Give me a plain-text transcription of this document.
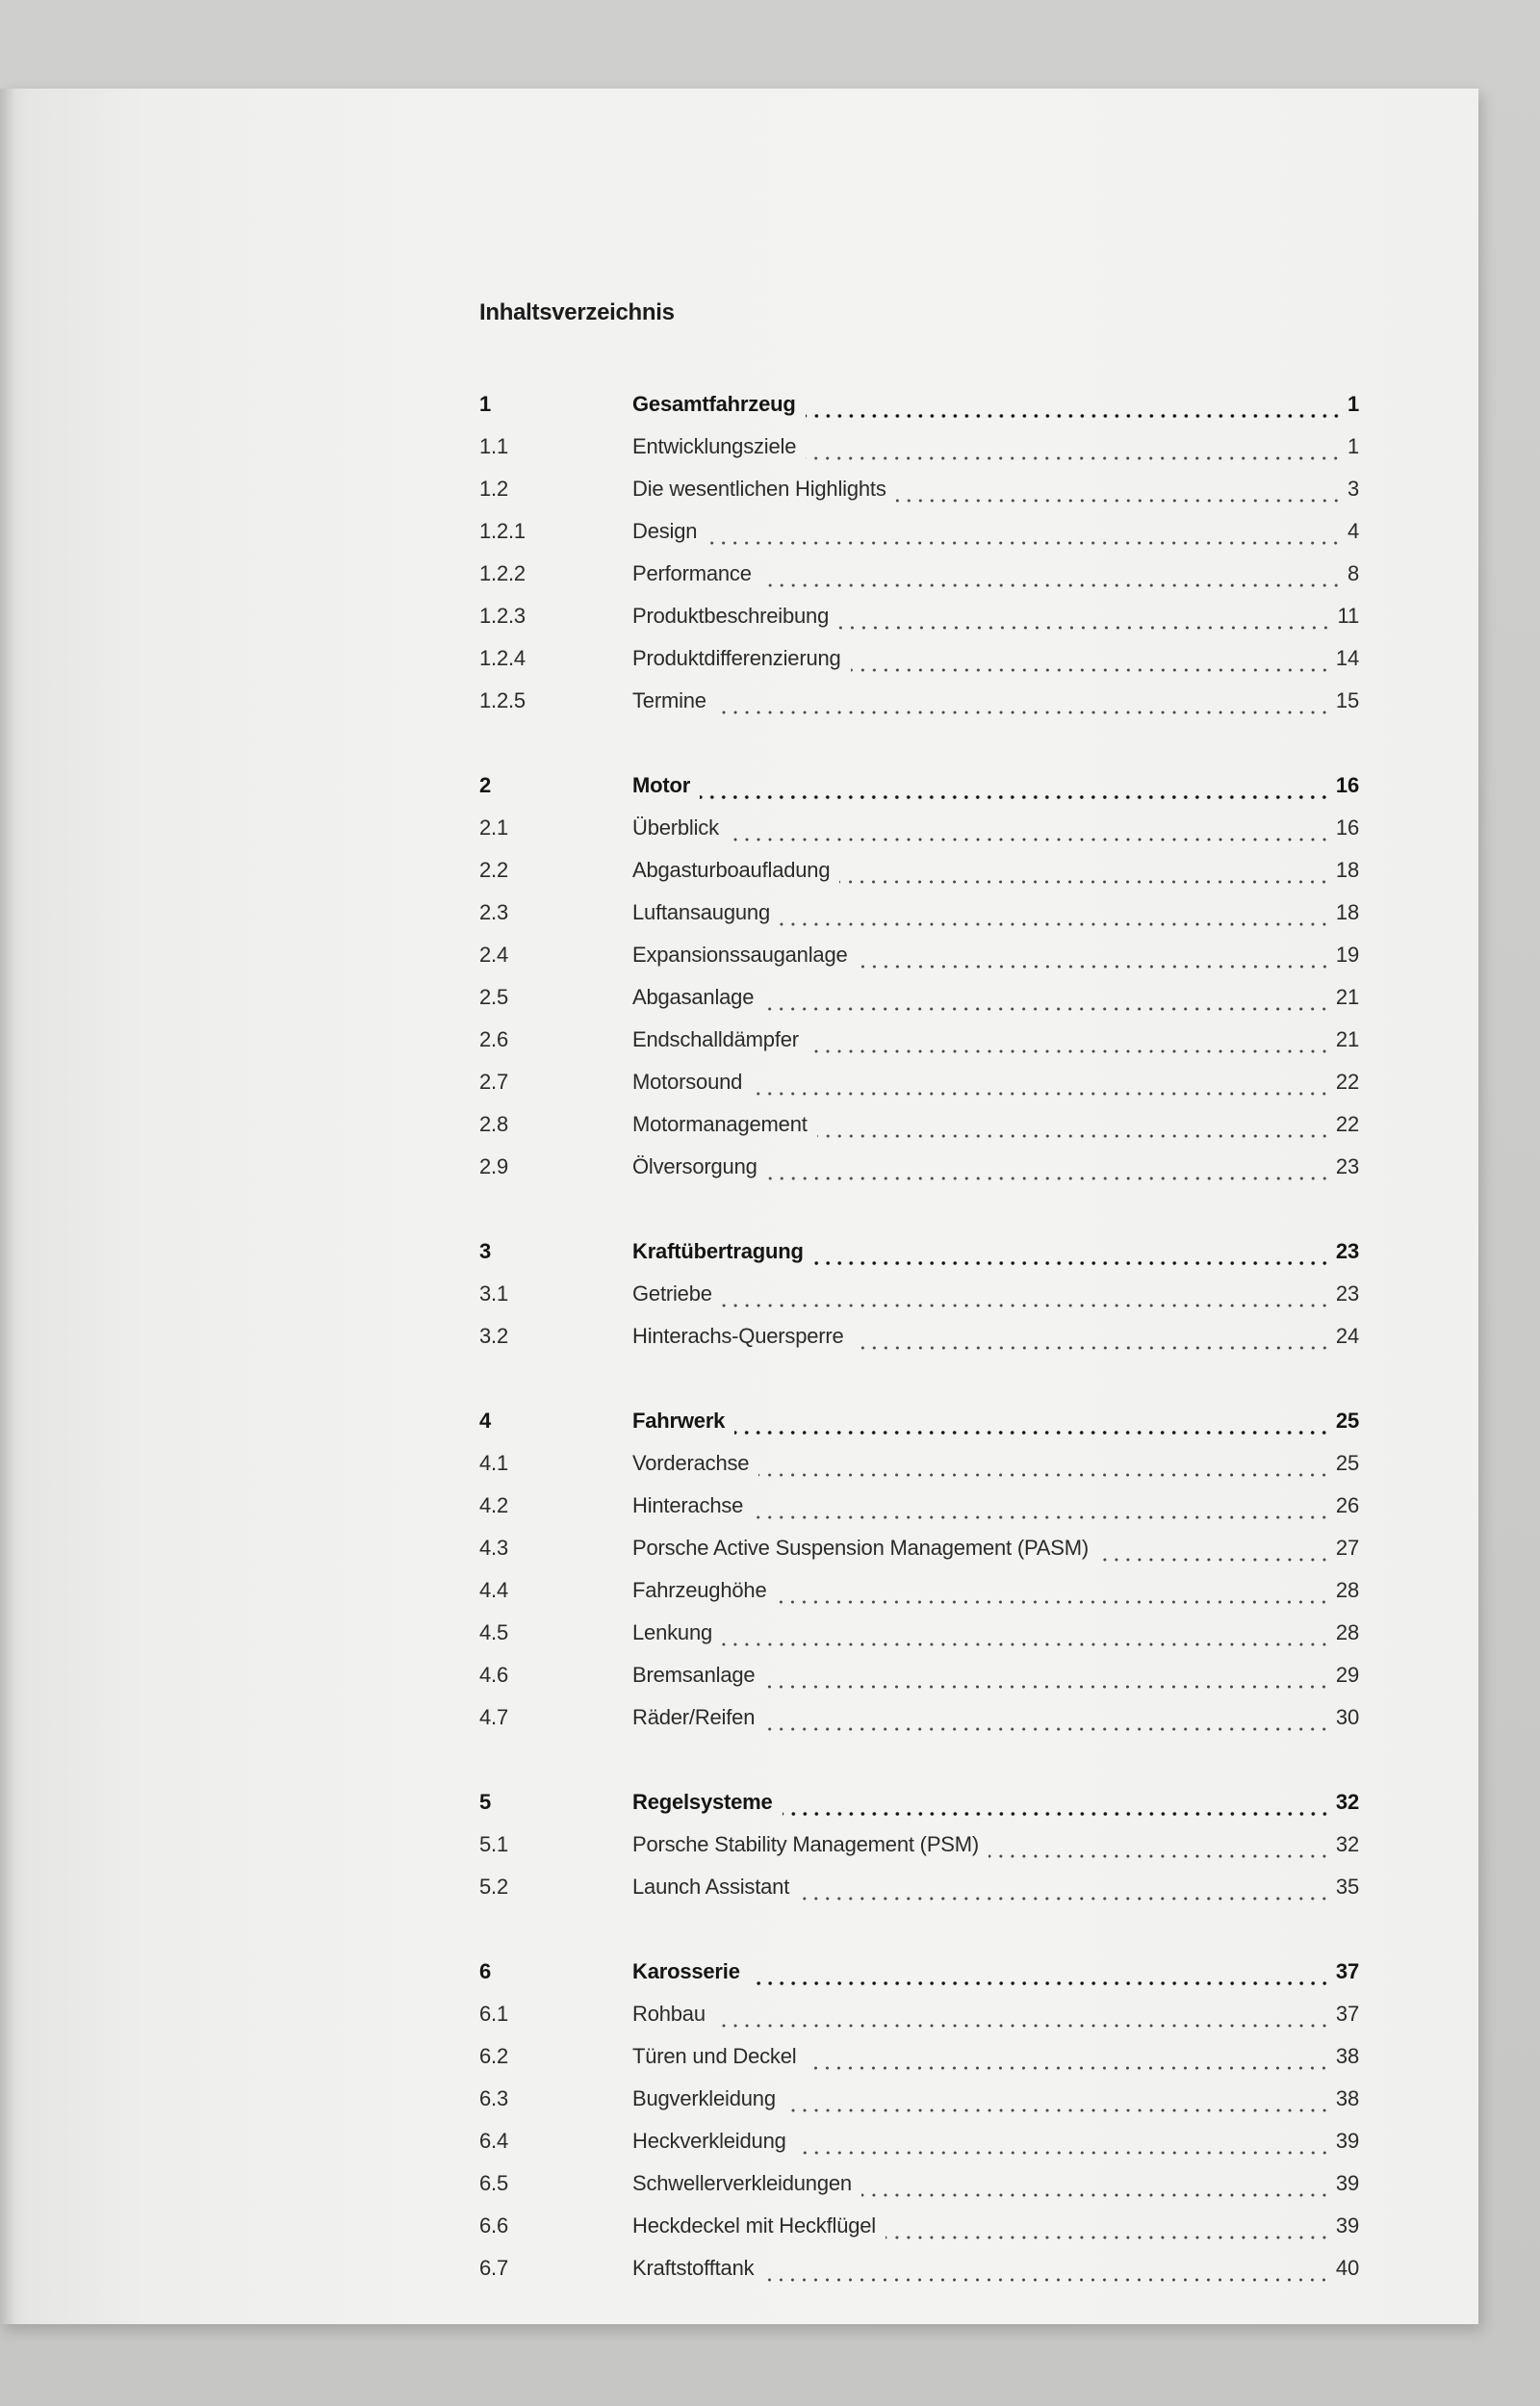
Inhaltsverzeichnis
1	Gesamtfahrzeug	1
1.1	Entwicklungsziele	1
1.2	Die wesentlichen Highlights	3
1.2.1	Design	4
1.2.2	Performance	8
1.2.3	Produktbeschreibung	11
1.2.4	Produktdifferenzierung	14
1.2.5	Termine	15
2	Motor	16
2.1	Überblick	16
2.2	Abgasturboaufladung	18
2.3	Luftansaugung	18
2.4	Expansionssauganlage	19
2.5	Abgasanlage	21
2.6	Endschalldämpfer	21
2.7	Motorsound	22
2.8	Motormanagement	22
2.9	Ölversorgung	23
3	Kraftübertragung	23
3.1	Getriebe	23
3.2	Hinterachs-Quersperre	24
4	Fahrwerk	25
4.1	Vorderachse	25
4.2	Hinterachse	26
4.3	Porsche Active Suspension Management (PASM)	27
4.4	Fahrzeughöhe	28
4.5	Lenkung	28
4.6	Bremsanlage	29
4.7	Räder/Reifen	30
5	Regelsysteme	32
5.1	Porsche Stability Management (PSM)	32
5.2	Launch Assistant	35
6	Karosserie	37
6.1	Rohbau	37
6.2	Türen und Deckel	38
6.3	Bugverkleidung	38
6.4	Heckverkleidung	39
6.5	Schwellerverkleidungen	39
6.6	Heckdeckel mit Heckflügel	39
6.7	Kraftstofftank	40
